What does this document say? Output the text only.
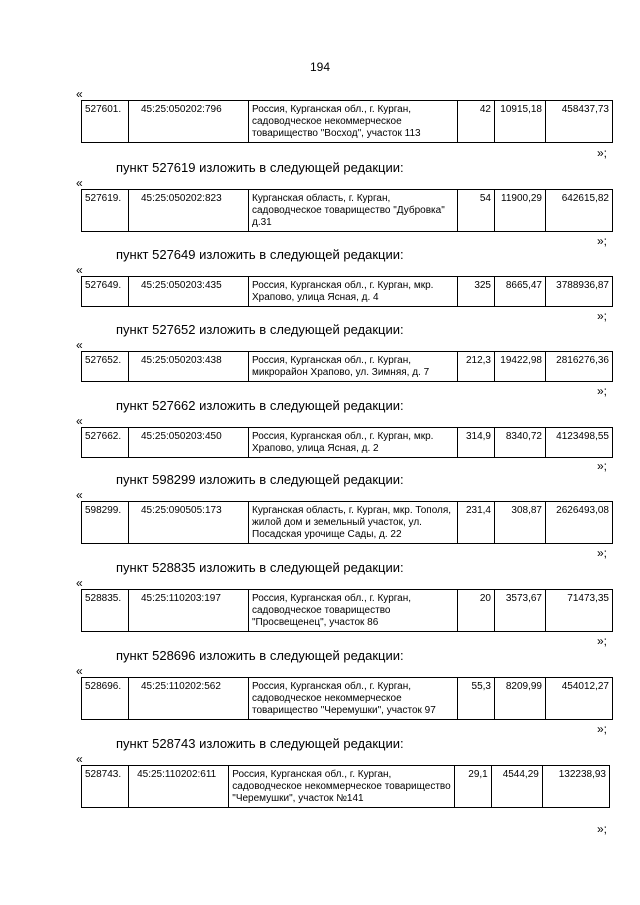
194
«
527601.	45:25:050202:796	Россия, Курганская обл., г. Курган, садоводческое некоммерческое товарищество "Восход", участок 113	42	10915,18	458437,73
»;
пункт 527619 изложить в следующей редакции:
«
527619.	45:25:050202:823	Курганская область, г. Курган, садоводческое товарищество "Дубровка" д.31	54	11900,29	642615,82
»;
пункт 527649 изложить в следующей редакции:
«
527649.	45:25:050203:435	Россия, Курганская обл., г. Курган, мкр. Храпово, улица Ясная, д. 4	325	8665,47	3788936,87
»;
пункт 527652 изложить в следующей редакции:
«
527652.	45:25:050203:438	Россия, Курганская обл., г. Курган, микрорайон Храпово, ул. Зимняя, д. 7	212,3	19422,98	2816276,36
»;
пункт 527662 изложить в следующей редакции:
«
527662.	45:25:050203:450	Россия, Курганская обл., г. Курган, мкр. Храпово, улица Ясная, д. 2	314,9	8340,72	4123498,55
»;
пункт 598299 изложить в следующей редакции:
«
598299.	45:25:090505:173	Курганская область, г. Курган, мкр. Тополя, жилой дом и земельный участок, ул. Посадская урочище Сады, д. 22	231,4	308,87	2626493,08
»;
пункт 528835 изложить в следующей редакции:
«
528835.	45:25:110203:197	Россия, Курганская обл., г. Курган, садоводческое товарищество "Просвещенец", участок 86	20	3573,67	71473,35
»;
пункт 528696 изложить в следующей редакции:
«
528696.	45:25:110202:562	Россия, Курганская обл., г. Курган, садоводческое некоммерческое товарищество "Черемушки", участок 97	55,3	8209,99	454012,27
»;
пункт 528743 изложить в следующей редакции:
«
528743.	45:25:110202:611	Россия, Курганская обл., г. Курган, садоводческое некоммерческое товарищество "Черемушки", участок №141	29,1	4544,29	132238,93
»;
